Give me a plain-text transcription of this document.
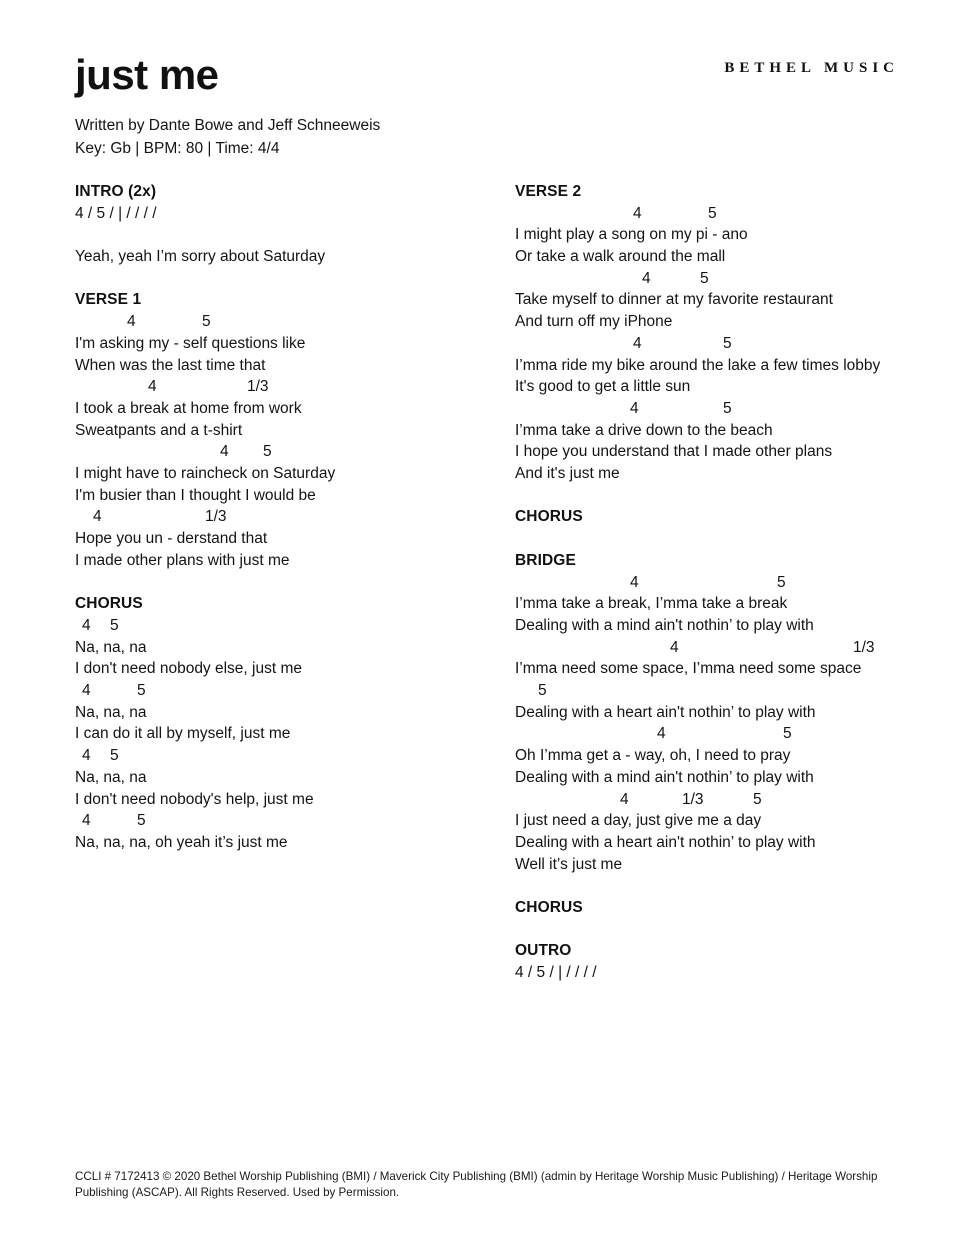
just me	BETHEL MUSIC
Written by Dante Bowe and Jeff Schneeweis
Key: Gb | BPM: 80 | Time: 4/4
INTRO (2x)
4 / 5 / | / / / /
Yeah, yeah I’m sorry about Saturday
VERSE 1
4	5
I'm asking my - self questions like
When was the last time that
4	1/3
I took a break at home from work
Sweatpants and a t-shirt
4 5
I might have to raincheck on Saturday
I'm busier than I thought I would be
4	1/3
Hope you un - derstand that
I made other plans with just me
CHORUS
4 5
Na, na, na
I don't need nobody else, just me
4	5
Na, na, na
I can do it all by myself, just me
4 5
Na, na, na
I don't need nobody's help, just me
4	5
Na, na, na, oh yeah it’s just me
VERSE 2
4	5
I might play a song on my pi - ano
Or take a walk around the mall
4	5
Take myself to dinner at my favorite restaurant
And turn off my iPhone
4	5
I’mma ride my bike around the lake a few times lobby
It's good to get a little sun
4	5
I’mma take a drive down to the beach
I hope you understand that I made other plans
And it's just me
CHORUS
BRIDGE
4	5
I’mma take a break, I’mma take a break
Dealing with a mind ain't nothin’ to play with
4	1/3
I’mma need some space, I’mma need some space
5
Dealing with a heart ain't nothin’ to play with
4	5
Oh I’mma get a - way, oh, I need to pray
Dealing with a mind ain't nothin’ to play with
4	1/3	5
I just need a day, just give me a day
Dealing with a heart ain't nothin’ to play with
Well it’s just me
CHORUS
OUTRO
4 / 5 / | / / / /
CCLI # 7172413 © 2020 Bethel Worship Publishing (BMI) / Maverick City Publishing (BMI) (admin by Heritage Worship Music Publishing) / Heritage Worship Publishing (ASCAP). All Rights Reserved. Used by Permission.
